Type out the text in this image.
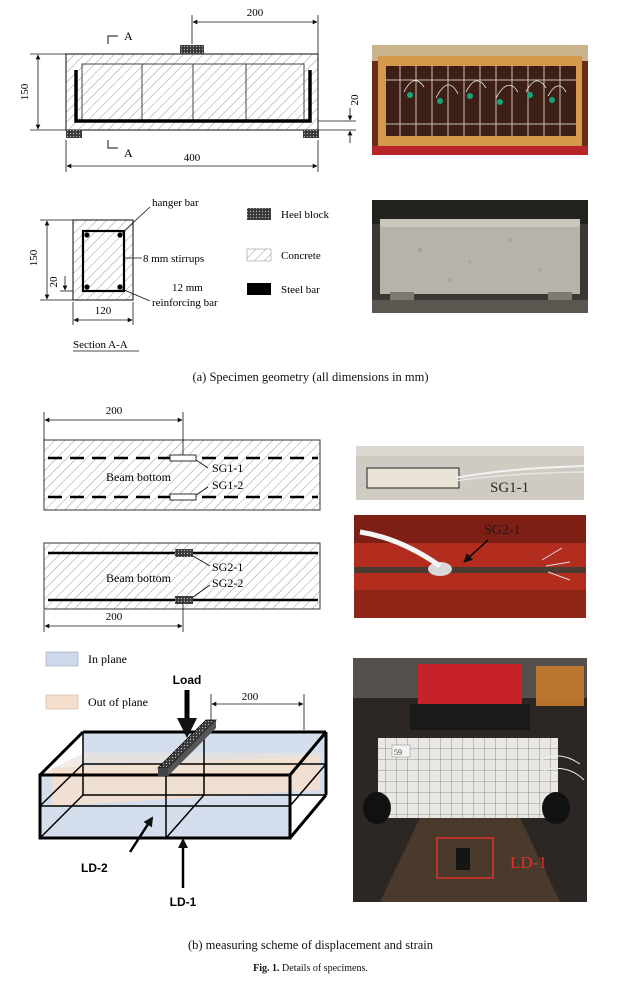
200
150	20
400
A
A
hanger bar
8 mm stirrups
12 mm
reinforcing bar
150
20
120
Section A-A
Heel block
Concrete
Steel bar
Beam bottom
SG1-1
SG1-2
200
Beam bottom
SG2-1
SG2-2
200
SG1-1
SG2-1
In plane
Out of plane
Load
200
LD-2
LD-1
59
LD-1
(a) Specimen geometry (all dimensions in mm)
(b) measuring scheme of displacement and strain
Fig. 1. Details of specimens.
